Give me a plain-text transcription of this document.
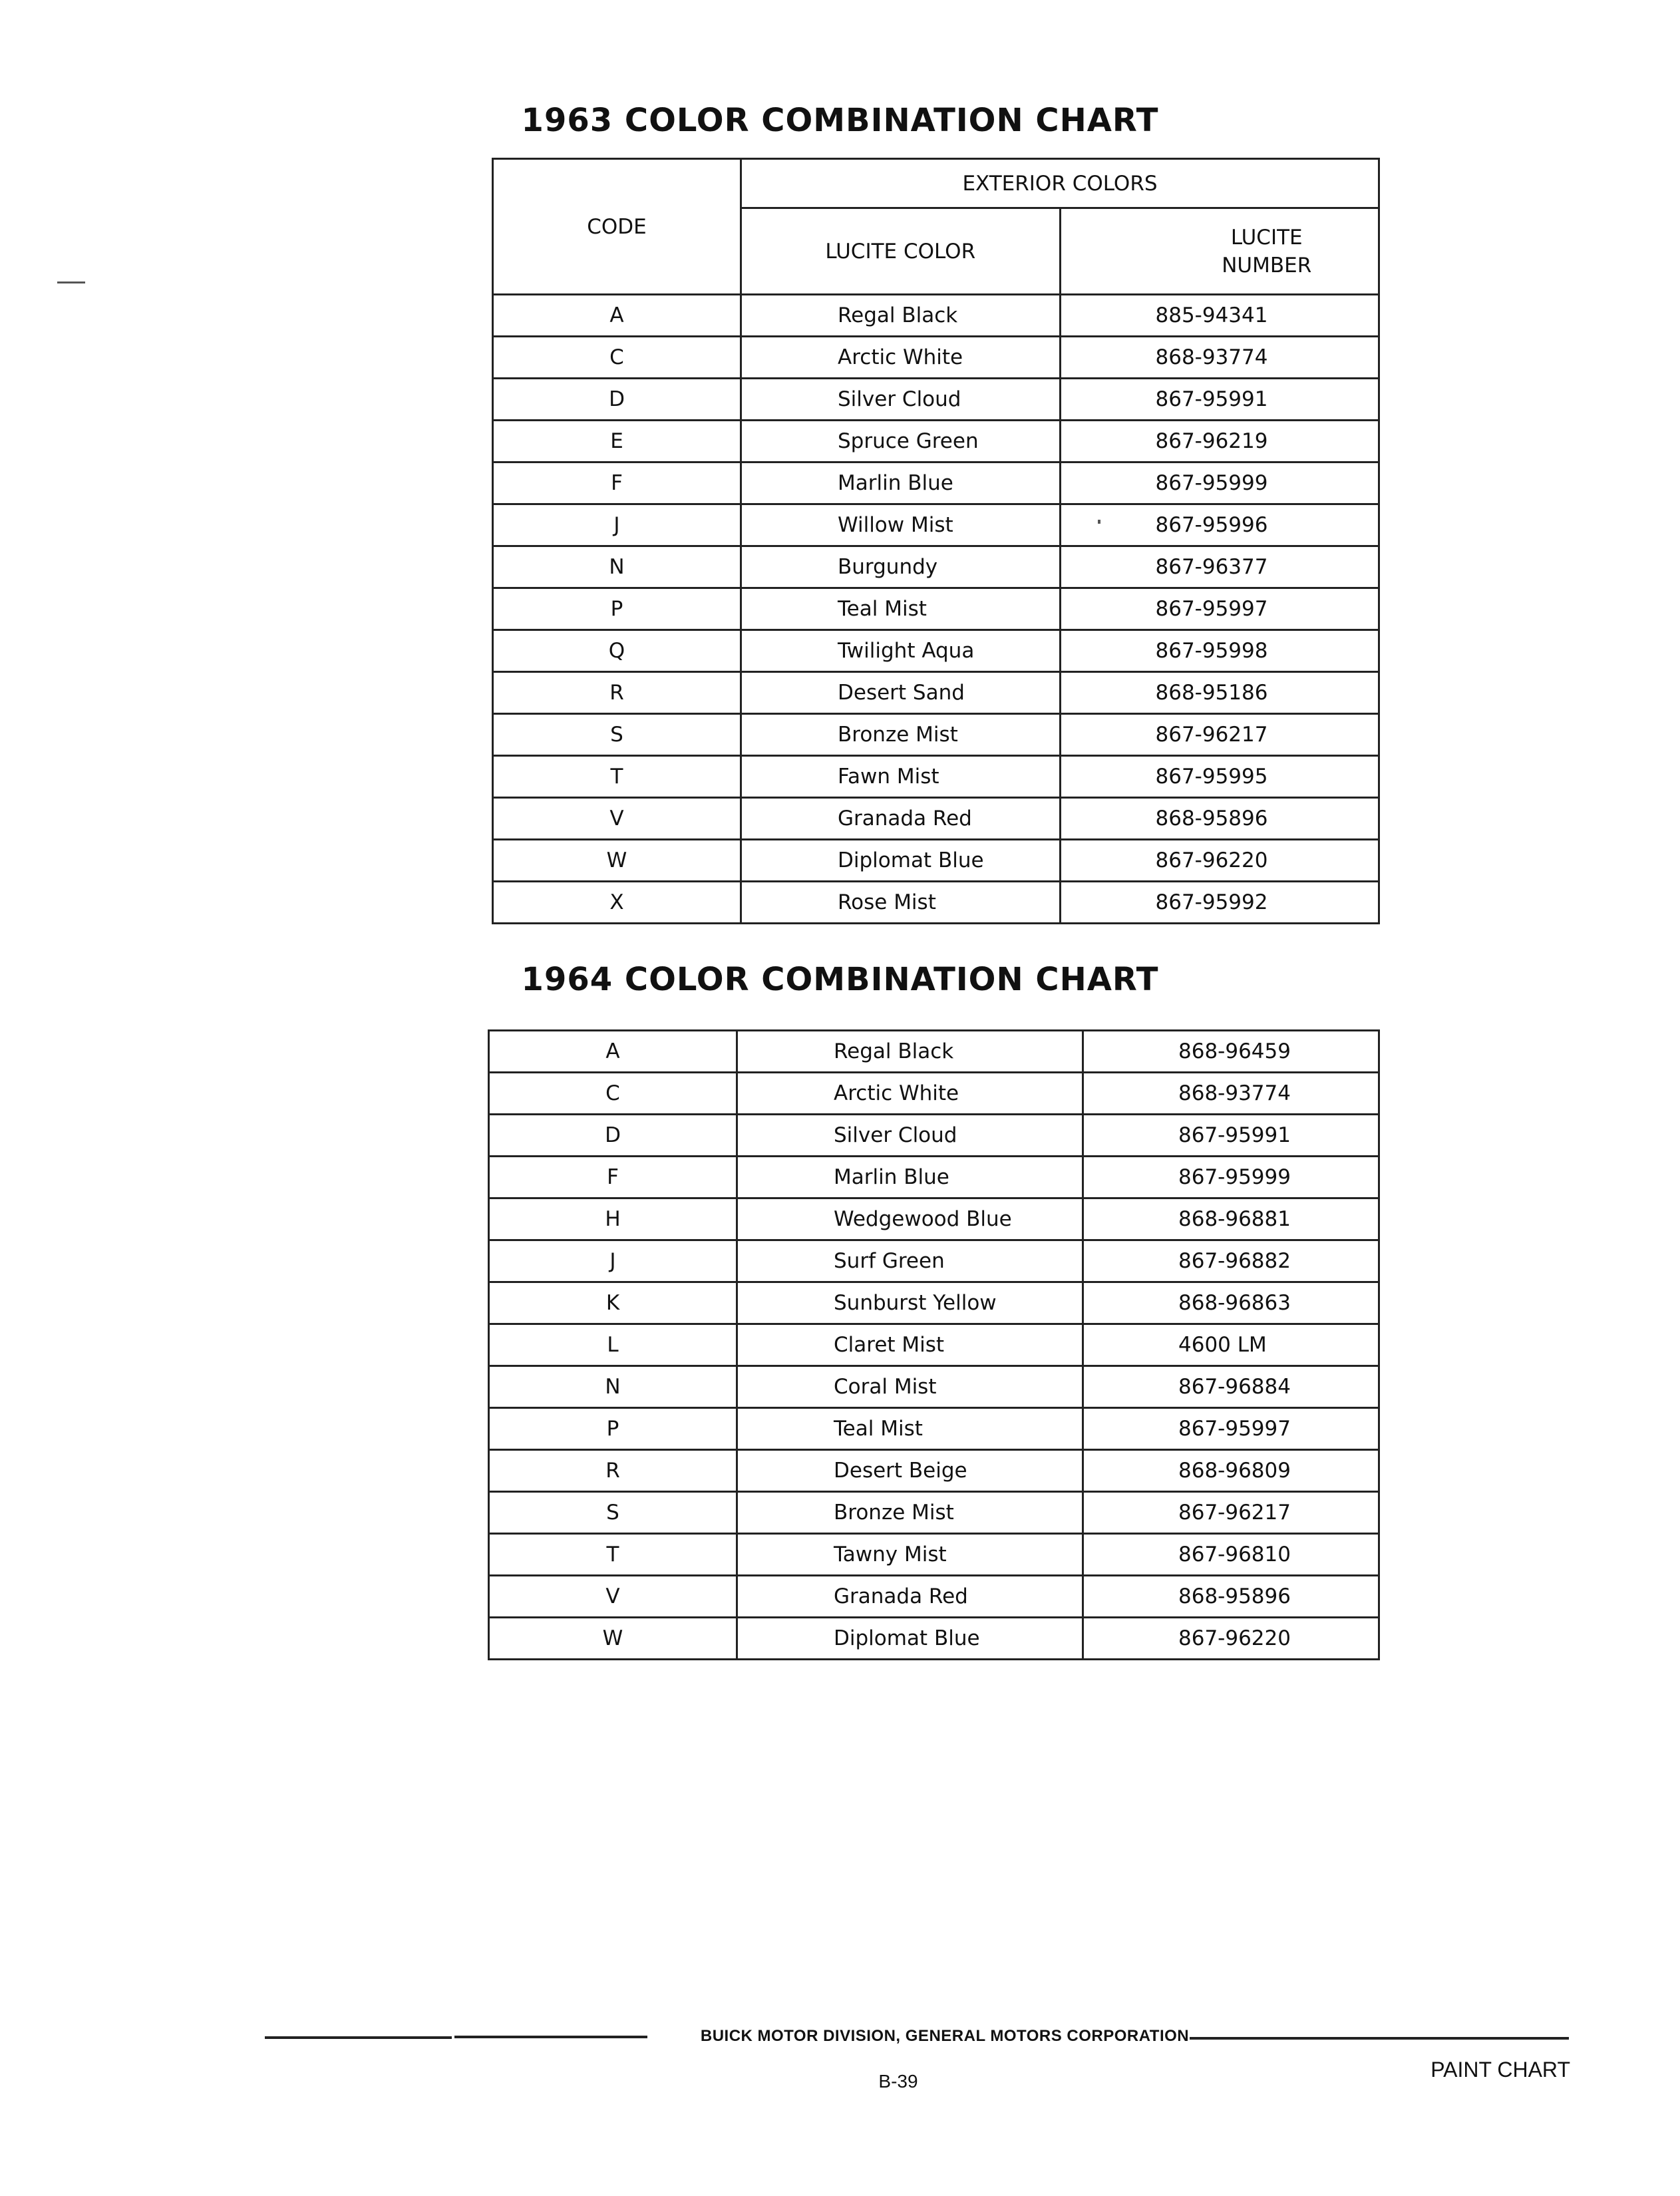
1963 COLOR COMBINATION CHART
CODE	EXTERIOR COLORS	
	LUCITE COLOR	LUCITE
NUMBER
A	Regal Black	885-94341
C	Arctic White	868-93774
D	Silver Cloud	867-95991
E	Spruce Green	867-96219
F	Marlin Blue	867-95999
J	Willow Mist	867-95996
N	Burgundy	867-96377
P	Teal Mist	867-95997
Q	Twilight Aqua	867-95998
R	Desert Sand	868-95186
S	Bronze Mist	867-96217
T	Fawn Mist	867-95995
V	Granada Red	868-95896
W	Diplomat Blue	867-96220
X	Rose Mist	867-95992
1964 COLOR COMBINATION CHART
A	Regal Black	868-96459
C	Arctic White	868-93774
D	Silver Cloud	867-95991
F	Marlin Blue	867-95999
H	Wedgewood Blue	868-96881
J	Surf Green	867-96882
K	Sunburst Yellow	868-96863
L	Claret Mist	4600 LM
N	Coral Mist	867-96884
P	Teal Mist	867-95997
R	Desert Beige	868-96809
S	Bronze Mist	867-96217
T	Tawny Mist	867-96810
V	Granada Red	868-95896
W	Diplomat Blue	867-96220
BUICK MOTOR DIVISION, GENERAL MOTORS CORPORATION
B-39	PAINT CHART
